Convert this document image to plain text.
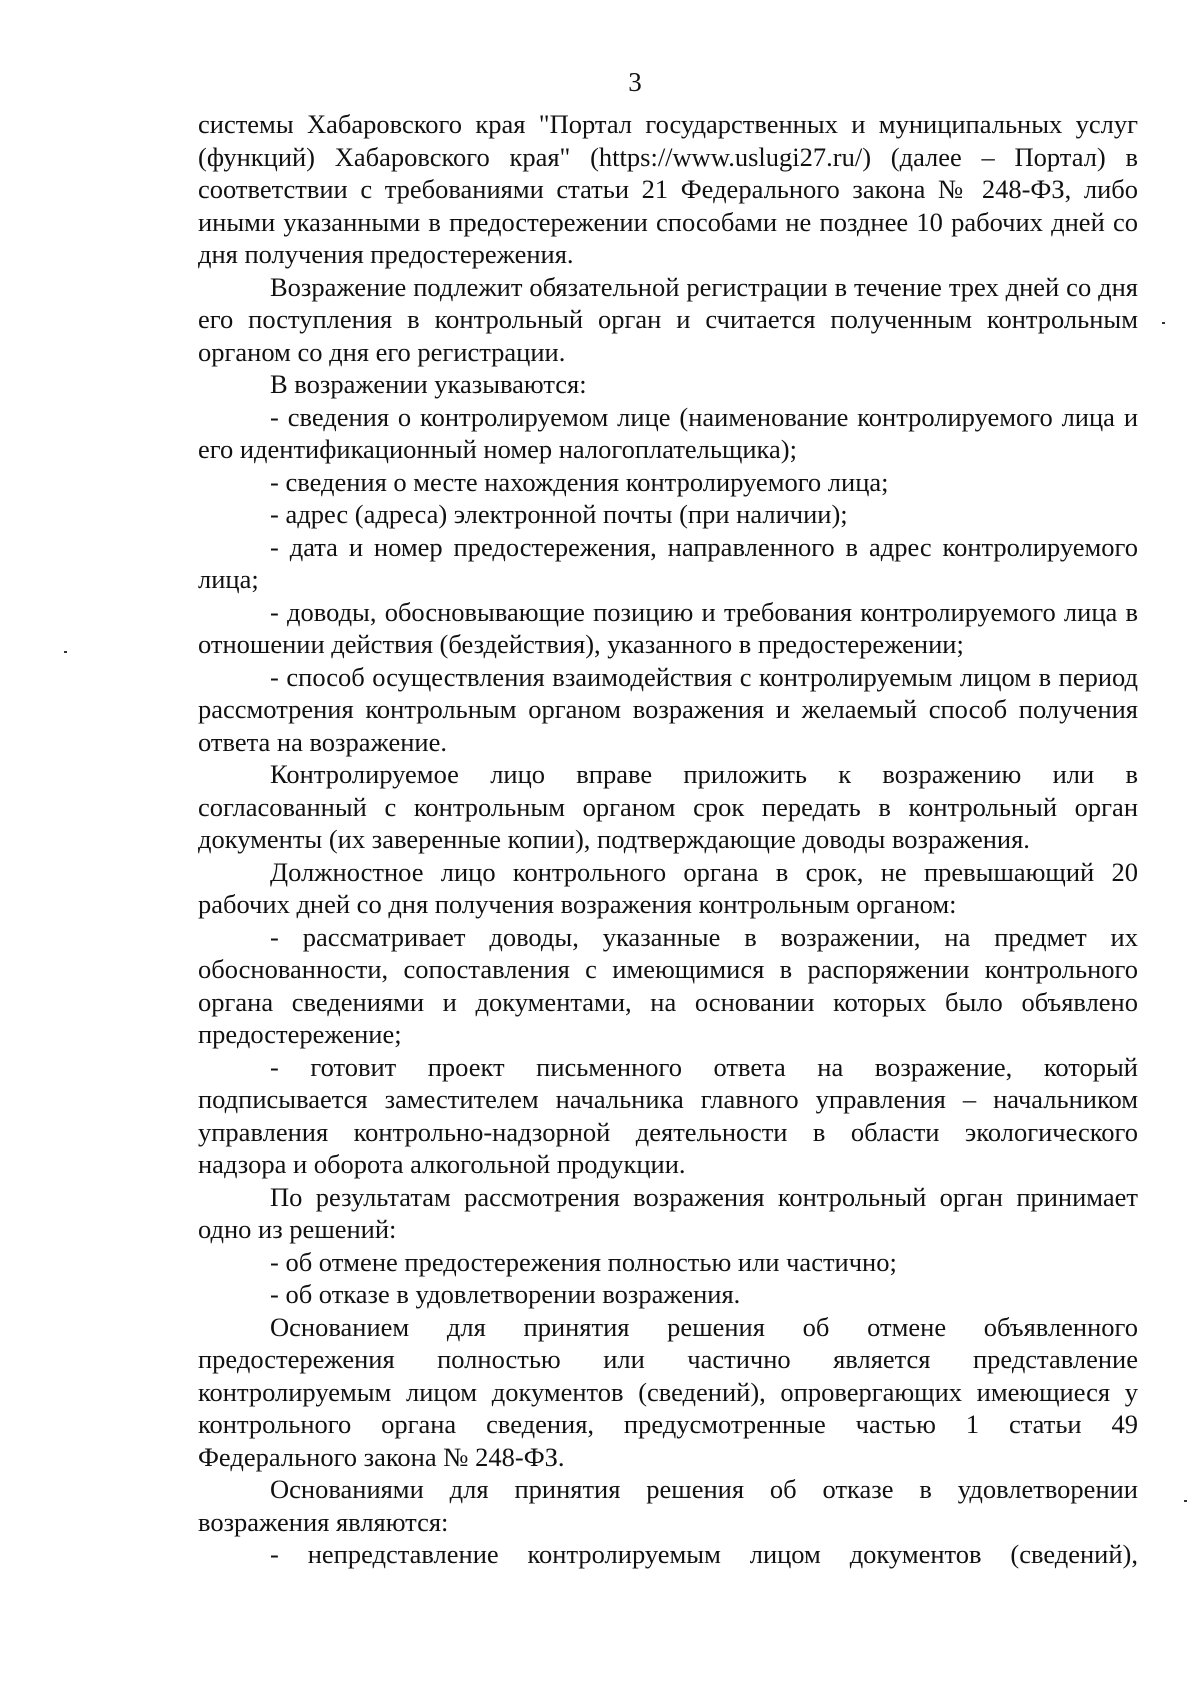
3

системы Хабаровского края "Портал государственных и муниципальных услуг (функций) Хабаровского края" (https://www.uslugi27.ru/) (далее – Портал) в соответствии с требованиями статьи 21 Федерального закона № 248-ФЗ, либо иными указанными в предостережении способами не позднее 10 рабочих дней со дня получения предостережения.

Возражение подлежит обязательной регистрации в течение трех дней со дня его поступления в контрольный орган и считается полученным контрольным органом со дня его регистрации.

В возражении указываются:

- сведения о контролируемом лице (наименование контролируемого лица и его идентификационный номер налогоплательщика);

- сведения о месте нахождения контролируемого лица;

- адрес (адреса) электронной почты (при наличии);

- дата и номер предостережения, направленного в адрес контролируемого лица;

- доводы, обосновывающие позицию и требования контролируемого лица в отношении действия (бездействия), указанного в предостережении;

- способ осуществления взаимодействия с контролируемым лицом в период рассмотрения контрольным органом возражения и желаемый способ получения ответа на возражение.

Контролируемое лицо вправе приложить к возражению или в согласованный с контрольным органом срок передать в контрольный орган документы (их заверенные копии), подтверждающие доводы возражения.

Должностное лицо контрольного органа в срок, не превышающий 20 рабочих дней со дня получения возражения контрольным органом:

- рассматривает доводы, указанные в возражении, на предмет их обоснованности, сопоставления с имеющимися в распоряжении контрольного органа сведениями и документами, на основании которых было объявлено предостережение;

- готовит проект письменного ответа на возражение, который подписывается заместителем начальника главного управления – начальником управления контрольно-надзорной деятельности в области экологического надзора и оборота алкогольной продукции.

По результатам рассмотрения возражения контрольный орган принимает одно из решений:

- об отмене предостережения полностью или частично;

- об отказе в удовлетворении возражения.

Основанием для принятия решения об отмене объявленного предостережения полностью или частично является представление контролируемым лицом документов (сведений), опровергающих имеющиеся у контрольного органа сведения, предусмотренные частью 1 статьи 49 Федерального закона № 248-ФЗ.

Основаниями для принятия решения об отказе в удовлетворении возражения являются:

- непредставление контролируемым лицом документов (сведений),
